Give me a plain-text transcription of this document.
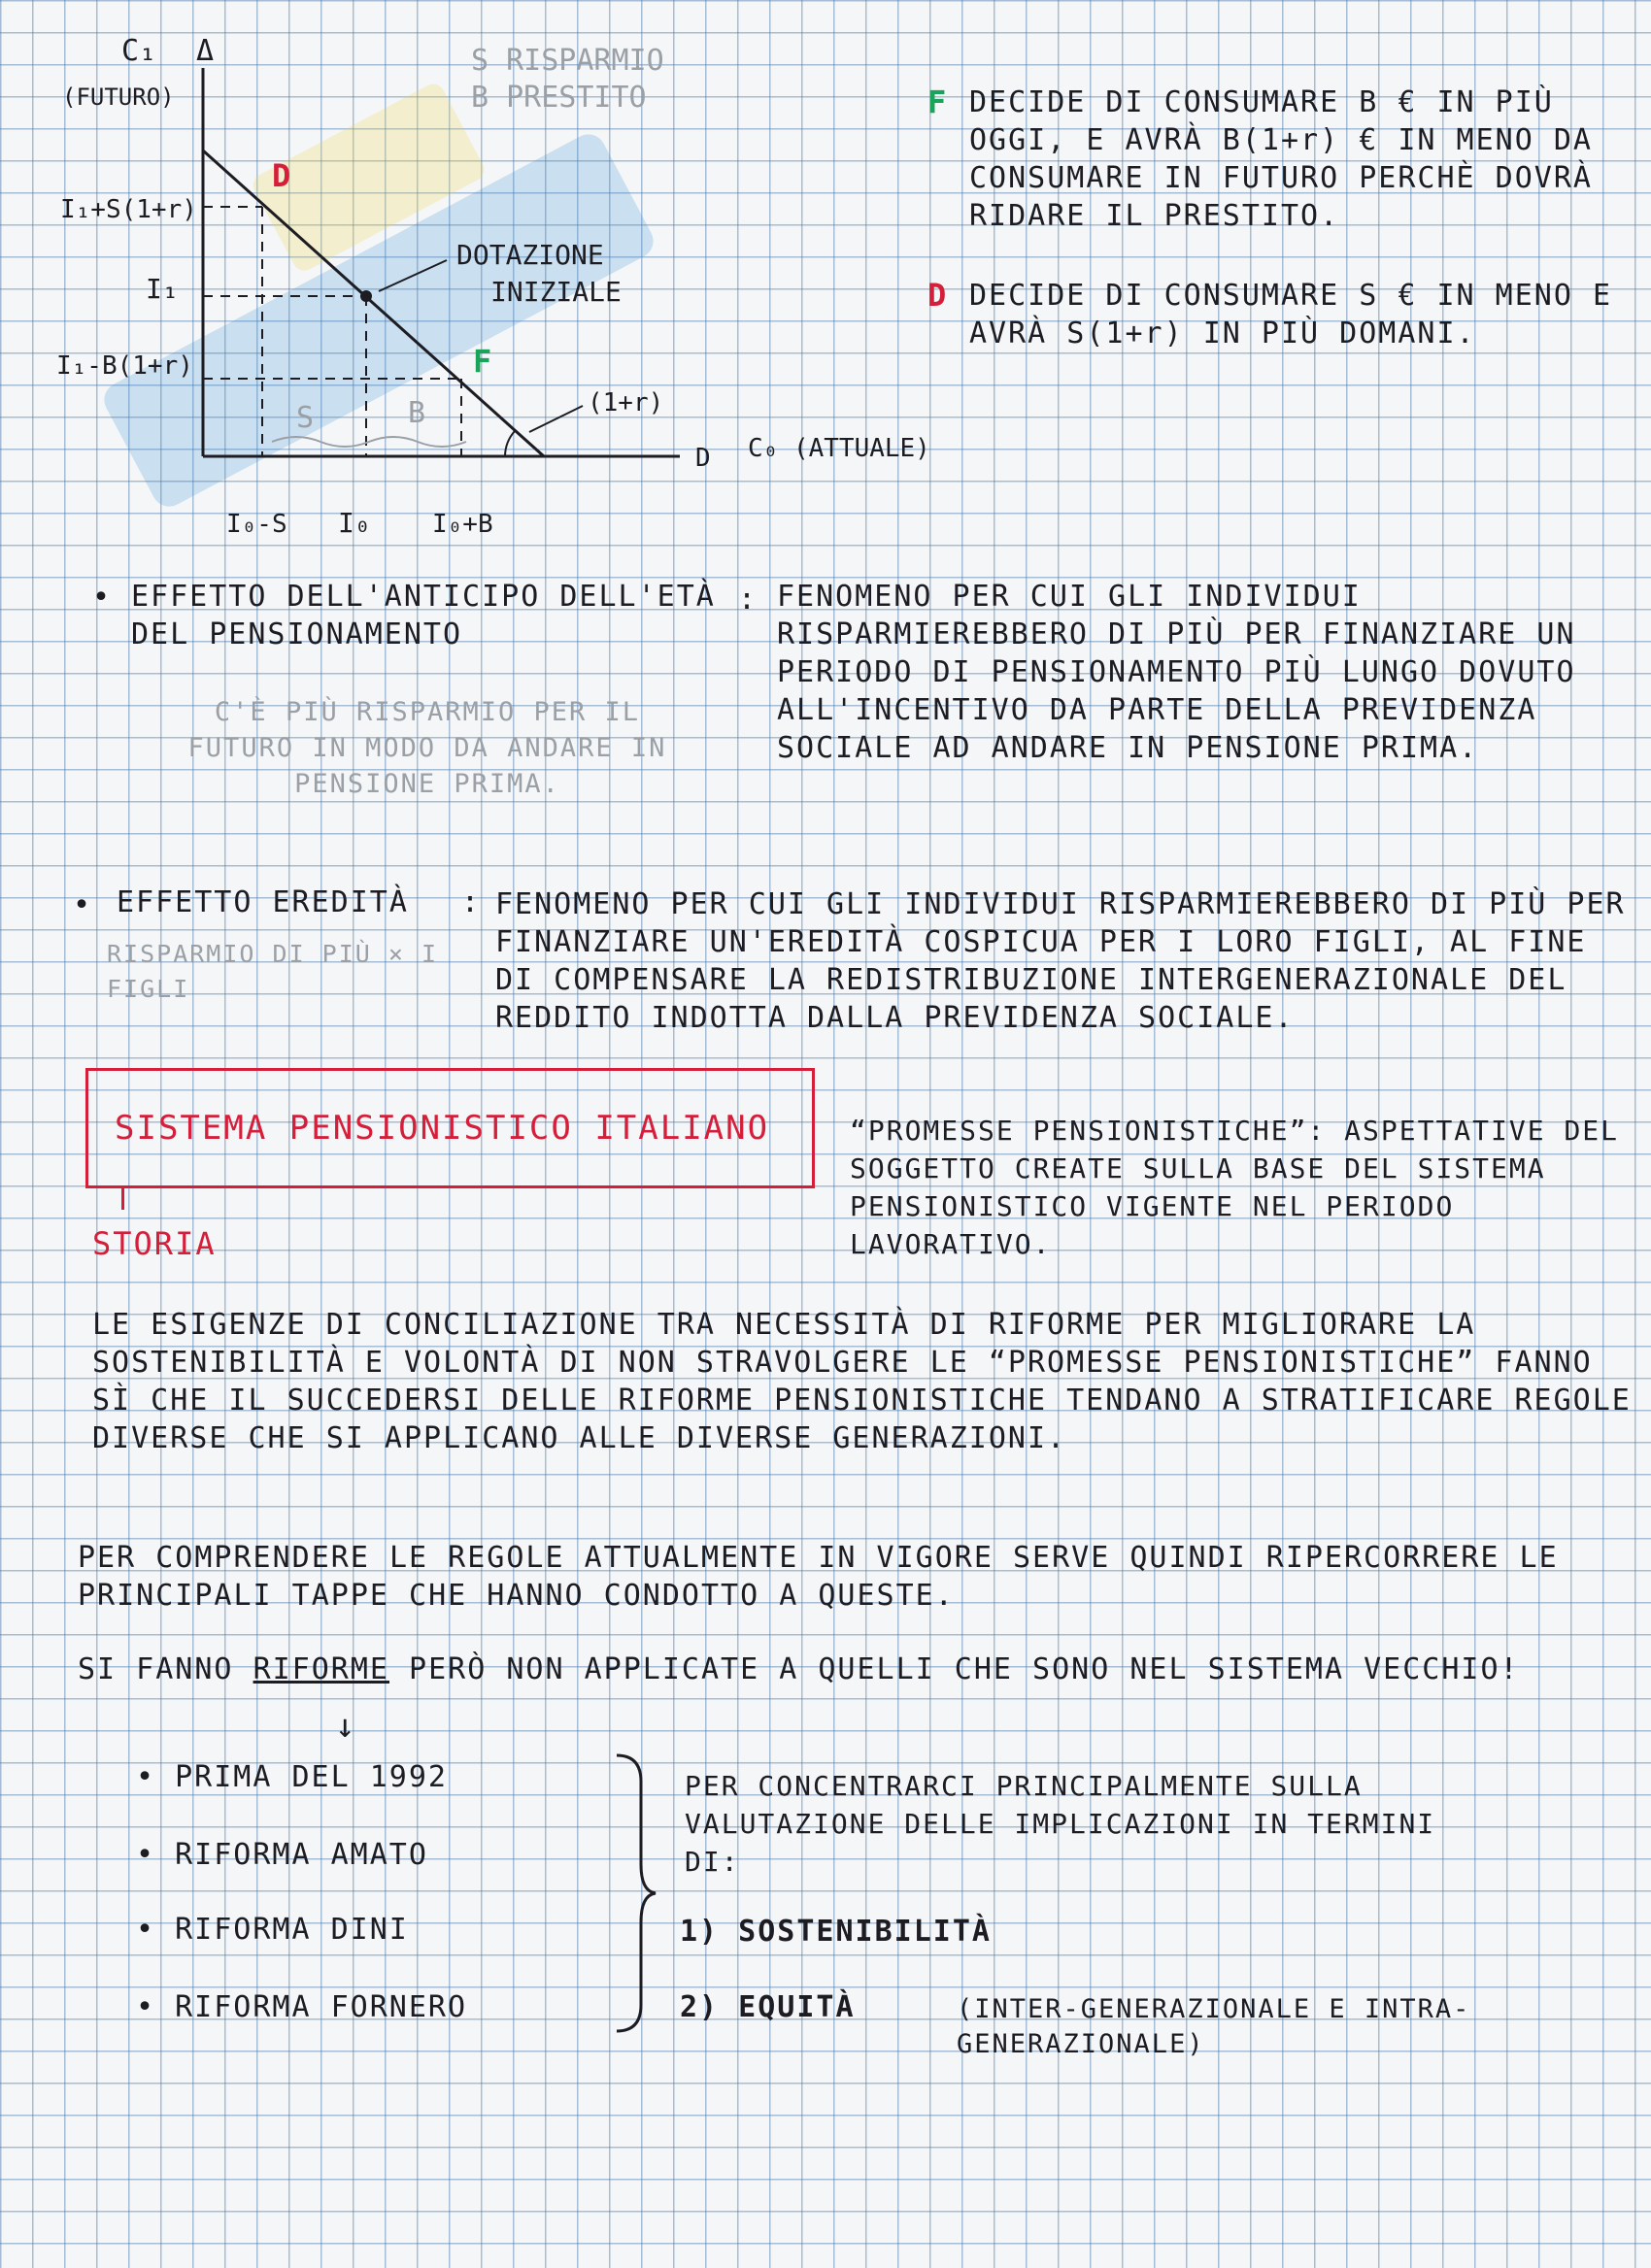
Δ
D
S	B
D
F
DOTAZIONE
INIZIALE
(1+r)
I₁+S(1+r)
I₁
I₁-B(1+r)
I₀-S I₀ I₀+B
C₁
(FUTURO)
C₀ (ATTUALE)
S RISPARMIO
B PRESTITO	F DECIDE DI CONSUMARE B € IN PIÙ OGGI, E AVRÀ B(1+r) € IN MENO DA CONSUMARE IN FUTURO PERCHÈ DOVRÀ RIDARE IL PRESTITO.
D DECIDE DI CONSUMARE S € IN MENO E AVRÀ S(1+r) IN PIÙ DOMANI.
• EFFETTO DELL'ANTICIPO DELL'ETÀ DEL PENSIONAMENTO
:
C'È PIÙ RISPARMIO PER IL FUTURO IN MODO DA ANDARE IN PENSIONE PRIMA.
FENOMENO PER CUI GLI INDIVIDUI RISPARMIEREBBERO DI PIÙ PER FINANZIARE UN PERIODO DI PENSIONAMENTO PIÙ LUNGO DOVUTO ALL'INCENTIVO DA PARTE DELLA PREVIDENZA SOCIALE AD ANDARE IN PENSIONE PRIMA.
• EFFETTO EREDITÀ :
RISPARMIO DI PIÙ × I FIGLI
FENOMENO PER CUI GLI INDIVIDUI RISPARMIEREBBERO DI PIÙ PER FINANZIARE UN'EREDITÀ COSPICUA PER I LORO FIGLI, AL FINE DI COMPENSARE LA REDISTRIBUZIONE INTERGENERAZIONALE DEL REDDITO INDOTTA DALLA PREVIDENZA SOCIALE.
SISTEMA PENSIONISTICO ITALIANO
STORIA
“PROMESSE PENSIONISTICHE”: ASPETTATIVE DEL SOGGETTO CREATE SULLA BASE DEL SISTEMA PENSIONISTICO VIGENTE NEL PERIODO LAVORATIVO.
LE ESIGENZE DI CONCILIAZIONE TRA NECESSITÀ DI RIFORME PER MIGLIORARE LA SOSTENIBILITÀ E VOLONTÀ DI NON STRAVOLGERE LE “PROMESSE PENSIONISTICHE” FANNO SÌ CHE IL SUCCEDERSI DELLE RIFORME PENSIONISTICHE TENDANO A STRATIFICARE REGOLE DIVERSE CHE SI APPLICANO ALLE DIVERSE GENERAZIONI.
PER COMPRENDERE LE REGOLE ATTUALMENTE IN VIGORE SERVE QUINDI RIPERCORRERE LE PRINCIPALI TAPPE CHE HANNO CONDOTTO A QUESTE.
SI FANNO RIFORME PERÒ NON APPLICATE A QUELLI CHE SONO NEL SISTEMA VECCHIO!
↓
• PRIMA DEL 1992
• RIFORMA AMATO
• RIFORMA DINI
• RIFORMA FORNERO
PER CONCENTRARCI PRINCIPALMENTE SULLA VALUTAZIONE DELLE IMPLICAZIONI IN TERMINI DI:
1) SOSTENIBILITÀ
2) EQUITÀ	(INTER-GENERAZIONALE E INTRA-GENERAZIONALE)
